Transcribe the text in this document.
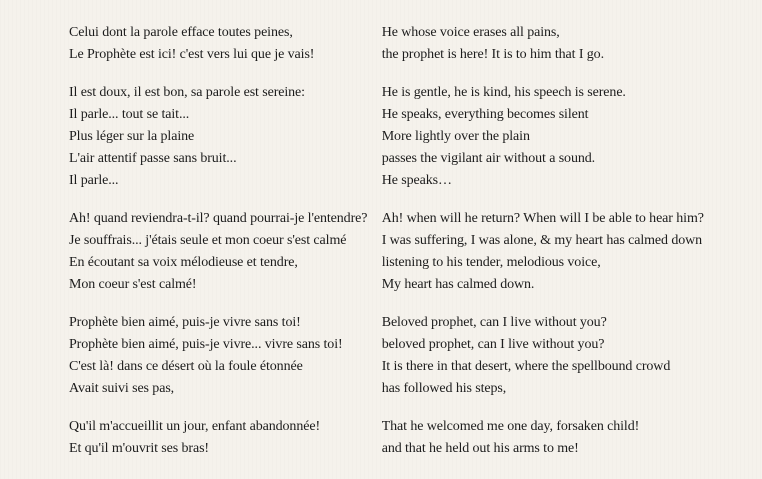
Celui dont la parole efface toutes peines,	He whose voice erases all pains,
Le Prophète est ici! c'est vers lui que je vais!	the prophet is here! It is to him that I go.
Il est doux, il est bon, sa parole est sereine:	He is gentle, he is kind, his speech is serene.
Il parle... tout se tait...	He speaks, everything becomes silent
Plus léger sur la plaine	More lightly over the plain
L'air attentif passe sans bruit...	passes the vigilant air without a sound.
Il parle...	He speaks…
Ah! quand reviendra-t-il? quand pourrai-je l'entendre?	Ah! when will he return? When will I be able to hear him?
Je souffrais... j'étais seule et mon coeur s'est calmé	I was suffering, I was alone, & my heart has calmed down
En écoutant sa voix mélodieuse et tendre,	listening to his tender, melodious voice,
Mon coeur s'est calmé!	My heart has calmed down.
Prophète bien aimé, puis-je vivre sans toi!	Beloved prophet, can I live without you?
Prophète bien aimé, puis-je vivre... vivre sans toi!	beloved prophet, can I live without you?
C'est là! dans ce désert où la foule étonnée	It is there in that desert, where the spellbound crowd
Avait suivi ses pas,	has followed his steps,
Qu'il m'accueillit un jour, enfant abandonnée!	That he welcomed me one day, forsaken child!
Et qu'il m'ouvrit ses bras!	and that he held out his arms to me!
